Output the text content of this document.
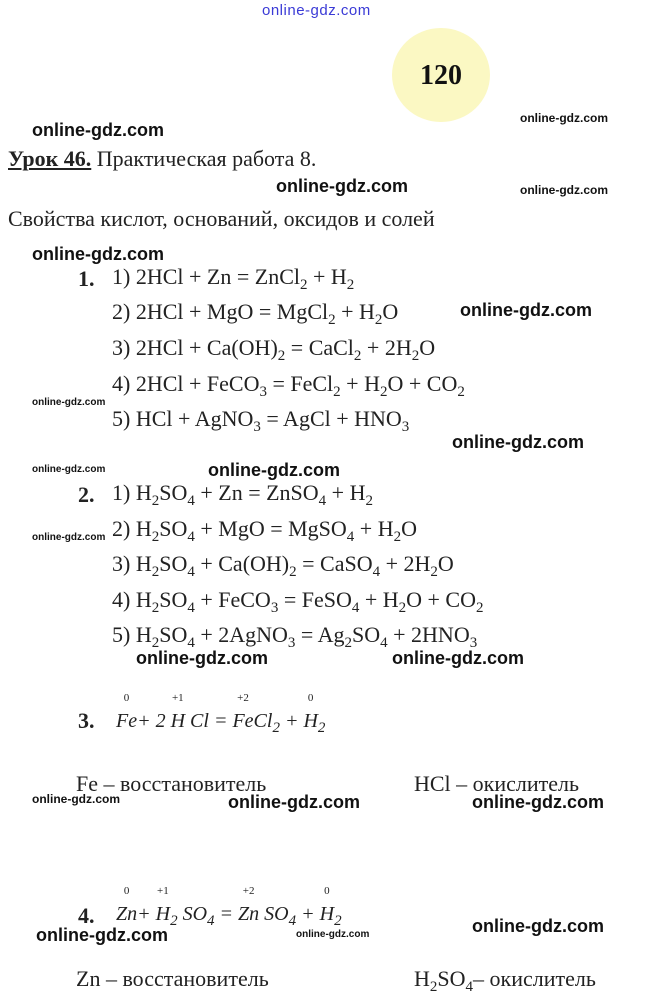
online-gdz.com
120
online-gdz.com
online-gdz.com
online-gdz.com	online-gdz.com
online-gdz.com
online-gdz.com
online-gdz.com
online-gdz.com
online-gdz.com	online-gdz.com
online-gdz.com
online-gdz.com	online-gdz.com
online-gdz.com	online-gdz.com	online-gdz.com
online-gdz.com
online-gdz.com	online-gdz.com
Урок 46. Практическая работа 8.
Свойства кислот, оснований, оксидов и солей
1. 1) 2HCl + Zn = ZnCl$_2$ + $H_2$
2) 2HCl + MgO = MgCl$_2$ + $H_2O$
3) $2HCl + Ca(OH)_2$ = CaCl$_2$ + $2H_2O$
4) 2HCl + FeCO$_3$ = FeCl$_2$ + $H_2O + CO_2$
5) HCl + AgNO$_3$ = AgCl + $HNO_3$
2. 1) $H_2SO_4 + Zn$ = ZnSO$_4$ + $H_2$
2) $H_2SO_4$ + MgO = MgSO$_4$ + $H_2O$
3) $H_2SO_4 + Ca(OH)_2$ = CaSO$_4$ + $2H_2O$
4) $H_2SO_4$ + FeCO$_3$ = FeSO$_4$ + $H_2O + CO_2$
5) $H_2SO_4$ + 2AgNO$_3$ = $Ag_2SO_4 + 2HNO_3$
3. Fe
0
+ 2 H
+1
Cl = Fe
+2
$Cl_2 + H$
0
$_2$
Fe – восстановитель	HCl – окислитель
4. Zn
0
+ H
+1
$_2$ $SO_4 = Zn$
+2
$SO_4 + H$
0
$_2$
Zn – восстановитель	$H_2SO_4-$ окислитель
